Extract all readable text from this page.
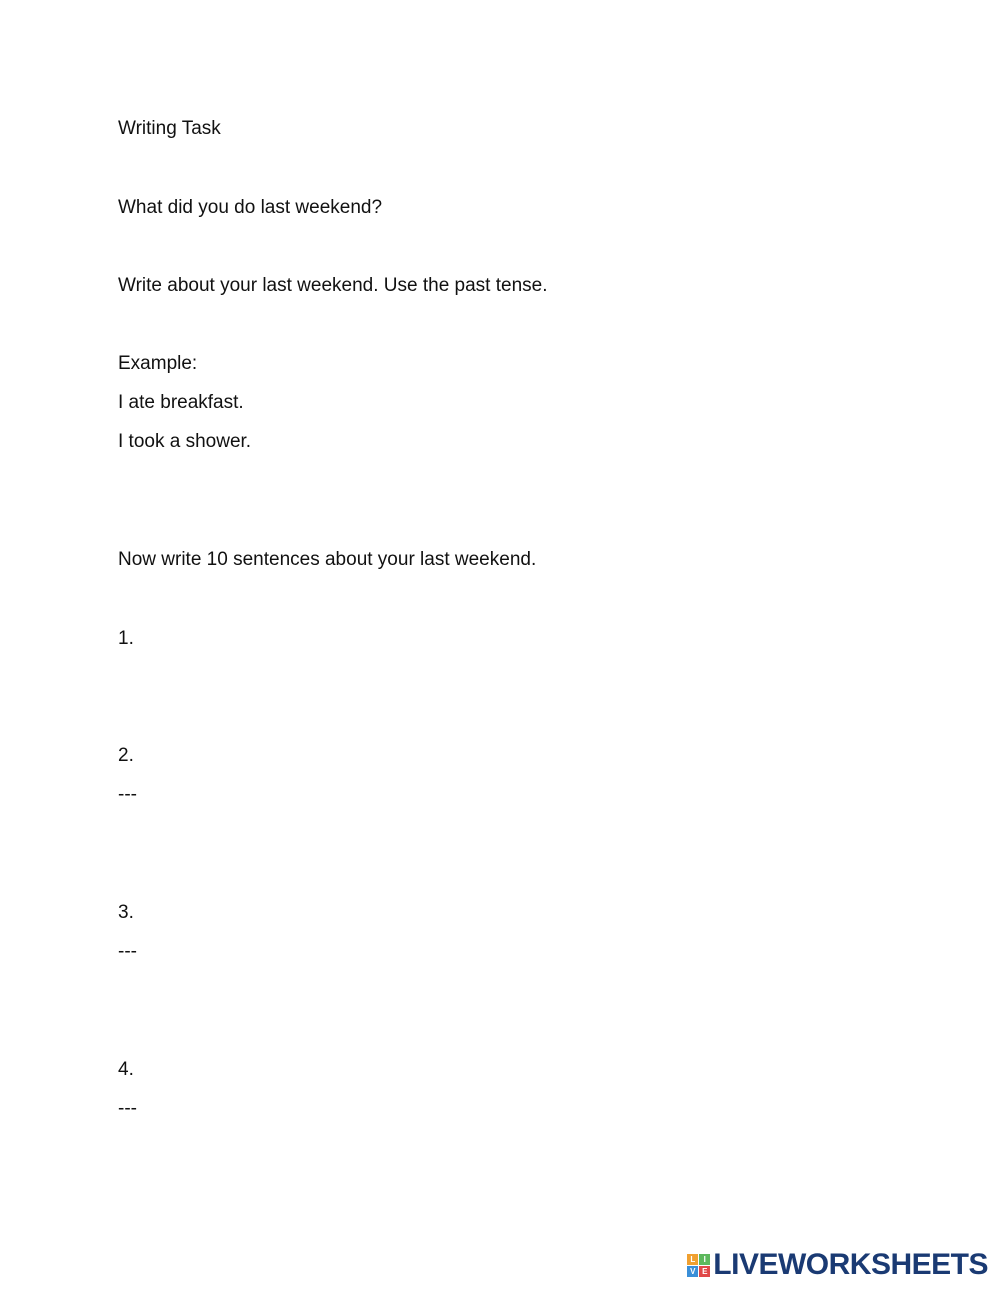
Writing Task
What did you do last weekend?
Write about your last weekend. Use the past tense.
Example:
I ate breakfast.
I took a shower.
Now write 10 sentences about your last weekend.
1.
2.
---
3.
---
4.
---
L	I
V E LIVEWORKSHEETS
